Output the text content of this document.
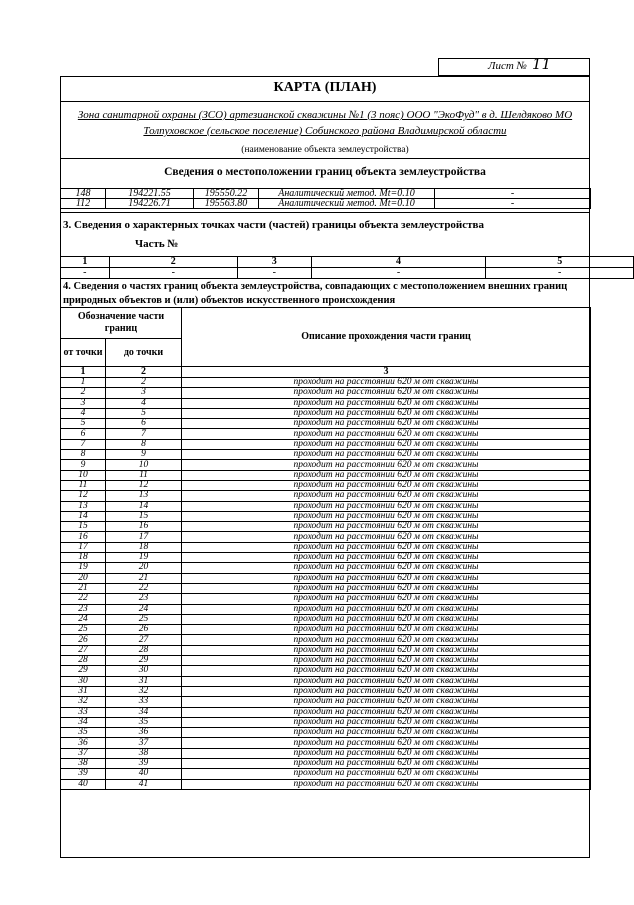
Лист № 11
КАРТА (ПЛАН)
Зона санитарной охраны (ЗСО) артезианской скважины №1 (3 пояс) ООО "ЭкоФуд" в д. Шелдяково МО Толпуховское (сельское поселение) Собинского района Владимирской области
(наименование объекта землеустройства)
Сведения о местоположении границ объекта землеустройства
148	194221.55	195550.22	Аналитический метод. Mt=0.10	-
112	194226.71	195563.80	Аналитический метод. Mt=0.10	-
3. Сведения о характерных точках части (частей) границы объекта землеустройства
Часть №
1	2	3	4	5
-	-	-	-	-
4. Сведения о частях границ объекта землеустройства, совпадающих с местоположением внешних границ природных объектов и (или) объектов искусственного происхождения
Обозначение части границ		Описание прохождения части границ
от точки	до точки	
1	2	3
1	2	проходит на расстоянии 620 м от скважины
2	3	проходит на расстоянии 620 м от скважины
3	4	проходит на расстоянии 620 м от скважины
4	5	проходит на расстоянии 620 м от скважины
5	6	проходит на расстоянии 620 м от скважины
6	7	проходит на расстоянии 620 м от скважины
7	8	проходит на расстоянии 620 м от скважины
8	9	проходит на расстоянии 620 м от скважины
9	10	проходит на расстоянии 620 м от скважины
10	11	проходит на расстоянии 620 м от скважины
11	12	проходит на расстоянии 620 м от скважины
12	13	проходит на расстоянии 620 м от скважины
13	14	проходит на расстоянии 620 м от скважины
14	15	проходит на расстоянии 620 м от скважины
15	16	проходит на расстоянии 620 м от скважины
16	17	проходит на расстоянии 620 м от скважины
17	18	проходит на расстоянии 620 м от скважины
18	19	проходит на расстоянии 620 м от скважины
19	20	проходит на расстоянии 620 м от скважины
20	21	проходит на расстоянии 620 м от скважины
21	22	проходит на расстоянии 620 м от скважины
22	23	проходит на расстоянии 620 м от скважины
23	24	проходит на расстоянии 620 м от скважины
24	25	проходит на расстоянии 620 м от скважины
25	26	проходит на расстоянии 620 м от скважины
26	27	проходит на расстоянии 620 м от скважины
27	28	проходит на расстоянии 620 м от скважины
28	29	проходит на расстоянии 620 м от скважины
29	30	проходит на расстоянии 620 м от скважины
30	31	проходит на расстоянии 620 м от скважины
31	32	проходит на расстоянии 620 м от скважины
32	33	проходит на расстоянии 620 м от скважины
33	34	проходит на расстоянии 620 м от скважины
34	35	проходит на расстоянии 620 м от скважины
35	36	проходит на расстоянии 620 м от скважины
36	37	проходит на расстоянии 620 м от скважины
37	38	проходит на расстоянии 620 м от скважины
38	39	проходит на расстоянии 620 м от скважины
39	40	проходит на расстоянии 620 м от скважины
40	41	проходит на расстоянии 620 м от скважины
